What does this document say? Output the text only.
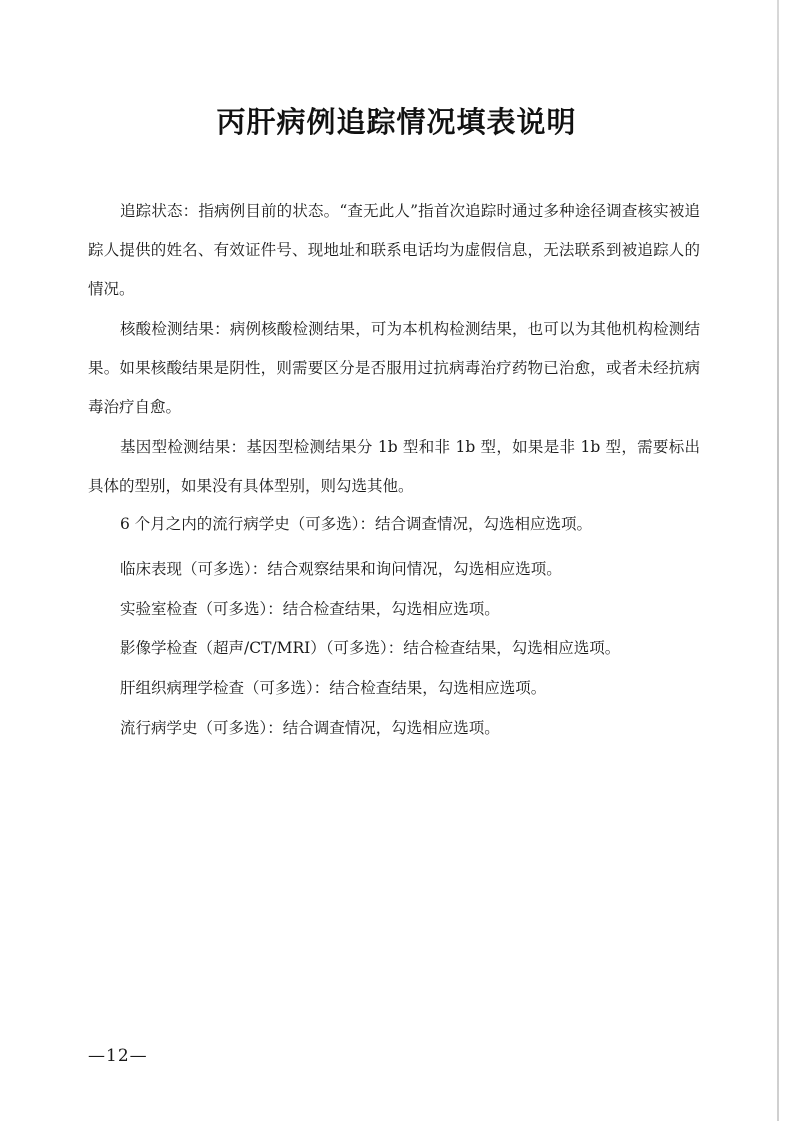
丙肝病例追踪情况填表说明

追踪状态：指病例目前的状态。“查无此人”指首次追踪时通过多种途径调查核实被追踪人提供的姓名、有效证件号、现地址和联系电话均为虚假信息，无法联系到被追踪人的情况。

核酸检测结果：病例核酸检测结果，可为本机构检测结果，也可以为其他机构检测结果。如果核酸结果是阴性，则需要区分是否服用过抗病毒治疗药物已治愈，或者未经抗病毒治疗自愈。

基因型检测结果：基因型检测结果分 1b 型和非 1b 型，如果是非 1b 型，需要标出具体的型别，如果没有具体型别，则勾选其他。

6 个月之内的流行病学史（可多选）：结合调查情况，勾选相应选项。

临床表现（可多选）：结合观察结果和询问情况，勾选相应选项。

实验室检查（可多选）：结合检查结果，勾选相应选项。

影像学检查（超声/CT/MRI）（可多选）：结合检查结果，勾选相应选项。

肝组织病理学检查（可多选）：结合检查结果，勾选相应选项。

流行病学史（可多选）：结合调查情况，勾选相应选项。

—12—
